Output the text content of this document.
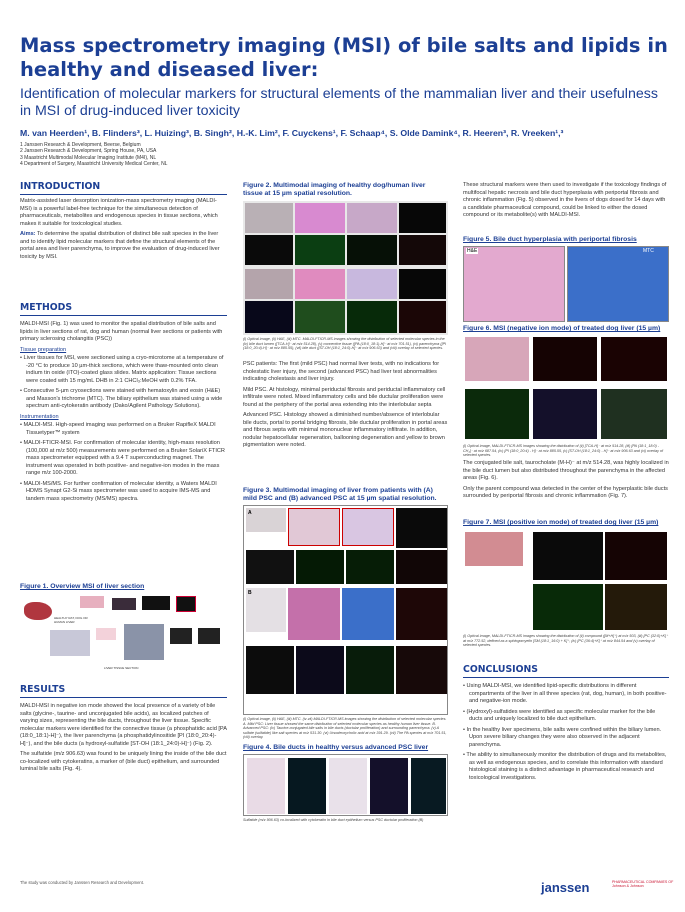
Mass spectrometry imaging (MSI) of bile salts and lipids in healthy and diseased liver:
Identification of molecular markers for structural elements of the mammalian liver and their usefulness in MSI of drug-induced liver toxicity
M. van Heerden¹, B. Flinders³, L. Huizing³, B. Singh², H.-K. Lim², F. Cuyckens¹, F. Schaap⁴, S. Olde Damink⁴, R. Heeren³, R. Vreeken¹,³
1 Janssen Research & Development, Beerse, Belgium
2 Janssen Research & Development, Spring House, PA, USA
3 Maastricht Multimodal Molecular Imaging Institute (M4I), NL
4 Department of Surgery, Maastricht University Medical Center, NL
INTRODUCTION

Matrix-assisted laser desorption ionization-mass spectrometry imaging (MALDI-MSI) is a powerful label-free technique for the simultaneous detection of pharmaceuticals, metabolites and endogenous species in tissue sections, which makes it suitable for toxicological studies.

Aims: To determine the spatial distribution of distinct bile salt species in the liver and to identify lipid molecular markers that define the structural elements of the portal area and liver parenchyma, to improve the evaluation of drug-induced liver toxicity by MSI.

METHODS

MALDI-MSI (Fig. 1) was used to monitor the spatial distribution of bile salts and lipids in liver sections of rat, dog and human (normal liver sections or patients with primary sclerosing cholangitis (PSC))

Tissue preparation

• Liver tissues for MSI, were sectioned using a cryo-microtome at a temperature of -20 °C to produce 10 µm-thick sections, which were thaw-mounted onto clean indium tin oxide (ITO)-coated glass slides. Matrix application: Tissue sections were coated with 15 mg/mL DHB in 2:1 CHCl₃:MeOH with 0.2% TFA.

• Consecutive 5-µm cryosections were stained with hematoxylin and eosin (H&E) and Masson's trichrome (MTC). The biliary epithelium was stained using a wide spectrum anti-cytokeratin antibody (Dako/Agilent Pathology Solutions).

Instrumentation

• MALDI-MSI. High-speed imaging was performed on a Bruker RapifleX MALDI Tissuetyper™ system

• MALDI-FTICR-MSI. For confirmation of molecular identity, high-mass resolution (100,000 at m/z 500) measurements were performed on a Bruker SolariX FTICR mass spectrometer equipped with a 9.4 T superconducting magnet. The instrument was operated in both positive- and negative-ion modes in the mass range m/z 100-2000.

• MALDI-MS/MS. For further confirmation of molecular identity, a Waters MALDI HDMS Synapt G2-Si mass spectrometer was used to acquire IMS-MS and tandem mass spectrometry (MS/MS) spectra.

Figure 1. Overview MSI of liver section
HEALTHY RAT, DOG OR HUMAN LIVER
LIVER TISSUE SECTION
RESULTS

MALDI-MSI in negative ion mode showed the local presence of a variety of bile salts (glycine-, taurine- and unconjugated bile acids), as localized patches of varying sizes, representing the bile ducts, throughout the liver tissue. Specific molecular markers were identified for the connective tissue (a phosphatidic acid [PA (18:0_18:1)-H]⁻), the liver parenchyma (a phosphatidylinositide [PI (18:0_20:4)-H]⁻), and the bile ducts (a hydroxyl-sulfatide [ST-OH (18:1_24:0)-H]⁻) (Fig. 2).

The sulfatide (m/z 906.63) was found to be uniquely lining the inside of the bile duct co-localized with cytokeratins, a marker of (bile duct) epithelium, and surrounded luminal bile salts (Fig. 4).

Figure 2. Multimodal imaging of healthy dog/human liver tissue at 15 µm spatial resolution.
(i) Optical image, (ii) H&E, (iii) MTC. MALDI-FTICR-MS images showing the distribution of selected molecular species in the (iv) bile duct lumen ([TCA-H]⁻ at m/z 514.28), (v) connective tissue ([PA (18:0_18:1)-H]⁻ at m/z 701.51), (vi) parenchyma ([PI (18:0_20:4)-H]⁻ at m/z 885.55), (vii) bile duct ([ST-OH (18:1_24:0)-H]⁻ at m/z 906.63) and (viii) overlay of selected species.

PSC patients: The first (mild PSC) had normal liver tests, with no indications for cholestatic liver injury, the second (advanced PSC) had liver test abnormalities indicating cholestasis and liver injury.

Mild PSC. At histology, minimal periductal fibrosis and periductal inflammatory cell infiltrate were noted. Mixed inflammatory cells and bile ductular proliferation were found at the periphery of the portal area extending into the interlobular septa

Advanced PSC. Histology showed a diminished number/absence of interlobular bile ducts, portal to portal bridging fibrosis, bile ductular proliferation in portal areas and fibrous septa with minimal mononuclear inflammatory infiltrate. In addition, nodular hepatocellular regeneration, ballooning degeneration and yellow to brown pigmentation were noted.

Figure 3. Multimodal imaging of liver from patients with (A) mild PSC and (B) advanced PSC at 15 µm spatial resolution.
A
B
(i) Optical image, (ii) H&E, (iii) MTC. (iv-vii) MALDI-FTICR-MS images showing the distribution of selected molecular species. A. Mild PSC: Liver tissue showed the same distribution of selected molecular species as healthy human liver tissue. B. Advanced PSC: (iv) Taurine-conjugated bile salts in bile ducts (ductular proliferation) and surrounding parenchyma. (v) A sulfate (sulfatide) like salt species at m/z 531.30. (vi) Ursodeoxycholic acid at m/z 391.29. (vii) The PA species at m/z 701.51, (viii) overlay.
Figure 4. Bile ducts in healthy versus advanced PSC liver
Sulfatide (m/z 906.63) co-localized with cytokeratin in bile duct epithelium versus PSC ductular proliferation (B)

These structural markers were then used to investigate if the toxicology findings of multifocal hepatic necrosis and bile duct hyperplasia with periportal fibrosis and chronic inflammation (Fig. 5) observed in the livers of dogs dosed for 14 days with a candidate pharmaceutical compound, could be linked to either the dosed compound or its metabolite(s) with MALDI-MSI.

Figure 5. Bile duct hyperplasia with periportal fibrosis
H&E	MTC
Figure 6. MSI (negative ion mode) of treated dog liver (15 µm)
(i) Optical image, MALDI-FTICR-MS images showing the distribution of (ii) [TCA-H]⁻ at m/z 514.28, (iii) [PA (18:1_18:0) - CH₃]⁻ at m/z 687.54, (iv) [PI (18:0_20:4) - H]⁻ at m/z 885.55, (v) [ST-OH (18:1_24:0) - H]⁻ at m/z 906.63 and (vi) overlay of selected species.

The conjugated bile salt, taurocholate (M-H)⁻ at m/z 514.28, was highly localized in the bile duct lumen but also distributed throughout the parenchyma in the affected areas (Fig. 6).

Only the parent compound was detected in the center of the hyperplastic bile ducts surrounded by periportal fibrosis and chronic inflammation (Fig. 7).

Figure 7. MSI (positive ion mode) of treated dog liver (15 µm)
(i) Optical image, MALDI-FTICR-MS images showing the distribution of (ii) compound ([M+H]⁺) at m/z 503, (iii) [PC (32:0)+K]⁺ at m/z 772.52, defined as a sphingomyelin [SM (18:1_16:0) + K]⁺, (iv) [PC (36:4)+K]⁺ at m/z 844.54 and (v) overlay of selected species.
CONCLUSIONS

• Using MALDI-MSI, we identified lipid-specific distributions in different compartments of the liver in all three species (rat, dog, human), in both positive- and negative-ion mode.

• (Hydroxyl)-sulfatides were identified as specific molecular marker for the bile ducts and uniquely localized to bile duct epithelium.

• In the healthy liver specimens, bile salts were confined within the biliary lumen. Upon severe biliary changes they were also observed in the adjacent parenchyma.

• The ability to simultaneously monitor the distribution of drugs and its metabolites, as well as endogenous species, and to correlate this information with standard histological staining is a distinct advantage in pharmaceutical research and toxicological investigations.

The study was conducted by Janssen Research and Development.	janssen	PHARMACEUTICAL COMPANIES OF Johnson & Johnson
